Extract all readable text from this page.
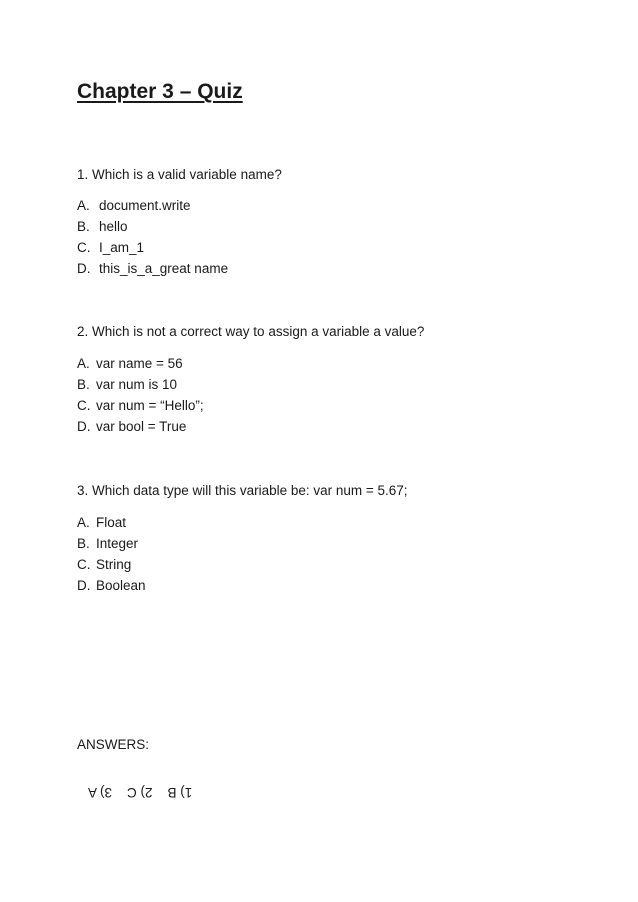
Chapter 3 – Quiz
1. Which is a valid variable name?
A. document.write
B. hello
C. I_am_1
D. this_is_a_great name
2. Which is not a correct way to assign a variable a value?
A. var name = 56
B. var num is 10
C. var num = “Hello”;
D. var bool = True
3. Which data type will this variable be: var num = 5.67;
A. Float
B. Integer
C. String
D. Boolean
ANSWERS:
1) B    2) C    3) A
